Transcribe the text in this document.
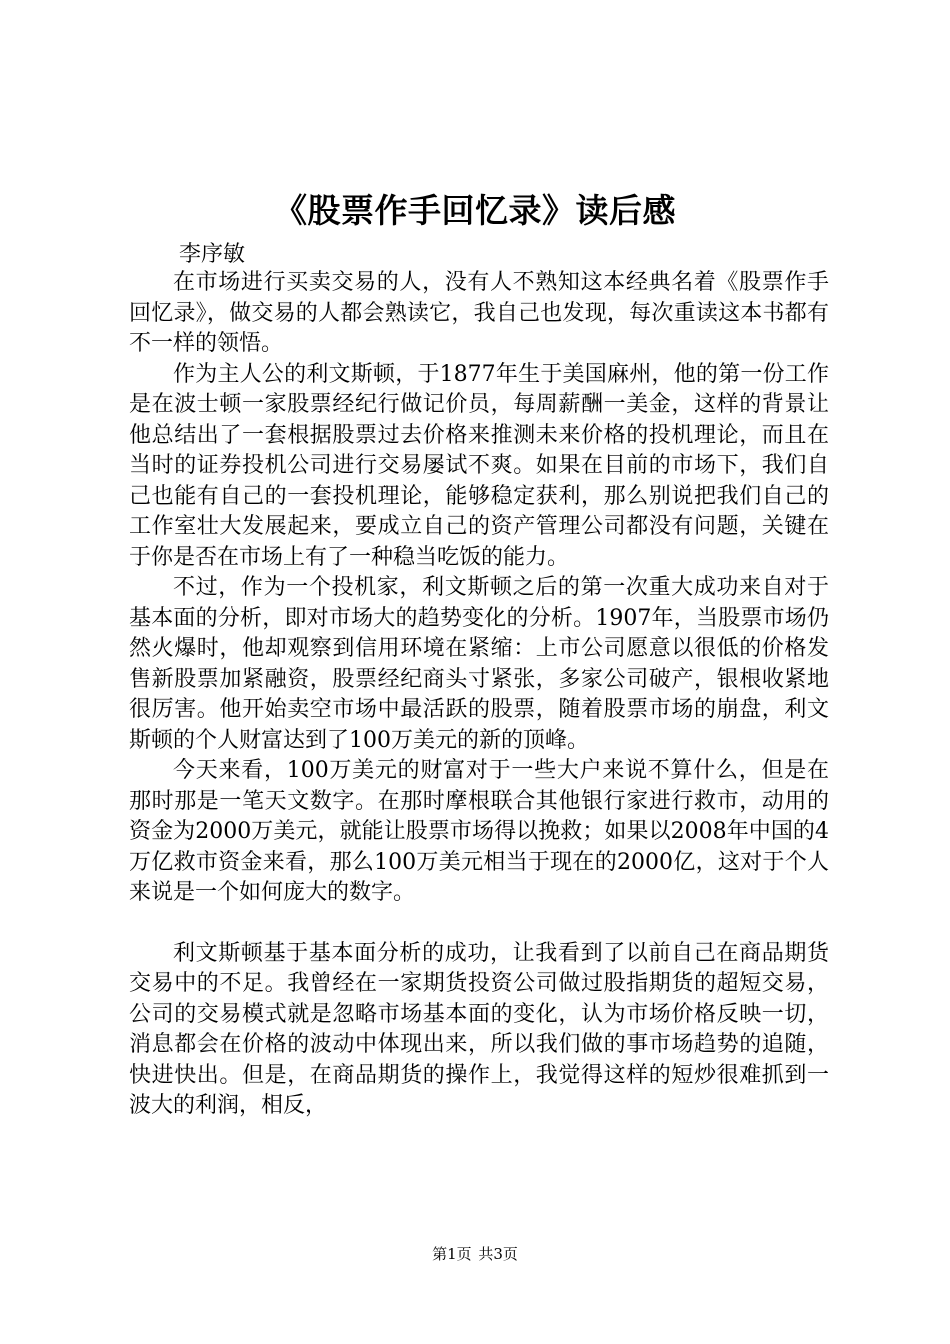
《股票作手回忆录》读后感
李序敏

在市场进行买卖交易的人，没有人不熟知这本经典名着《股票作手回忆录》，做交易的人都会熟读它，我自己也发现，每次重读这本书都有不一样的领悟。

作为主人公的利文斯顿，于1877年生于美国麻州，他的第一份工作是在波士顿一家股票经纪行做记价员，每周薪酬一美金，这样的背景让他总结出了一套根据股票过去价格来推测未来价格的投机理论，而且在当时的证券投机公司进行交易屡试不爽。如果在目前的市场下，我们自己也能有自己的一套投机理论，能够稳定获利，那么别说把我们自己的工作室壮大发展起来，要成立自己的资产管理公司都没有问题，关键在于你是否在市场上有了一种稳当吃饭的能力。

不过，作为一个投机家，利文斯顿之后的第一次重大成功来自对于基本面的分析，即对市场大的趋势变化的分析。1907年，当股票市场仍然火爆时，他却观察到信用环境在紧缩：上市公司愿意以很低的价格发售新股票加紧融资，股票经纪商头寸紧张，多家公司破产，银根收紧地很厉害。他开始卖空市场中最活跃的股票，随着股票市场的崩盘，利文斯顿的个人财富达到了100万美元的新的顶峰。

今天来看，100万美元的财富对于一些大户来说不算什么，但是在那时那是一笔天文数字。在那时摩根联合其他银行家进行救市，动用的资金为2000万美元，就能让股票市场得以挽救；如果以2008年中国的4万亿救市资金来看，那么100万美元相当于现在的2000亿，这对于个人来说是一个如何庞大的数字。

利文斯顿基于基本面分析的成功，让我看到了以前自己在商品期货交易中的不足。我曾经在一家期货投资公司做过股指期货的超短交易，公司的交易模式就是忽略市场基本面的变化，认为市场价格反映一切，消息都会在价格的波动中体现出来，所以我们做的事市场趋势的追随，快进快出。但是，在商品期货的操作上，我觉得这样的短炒很难抓到一波大的利润，相反，

第1页 共3页
